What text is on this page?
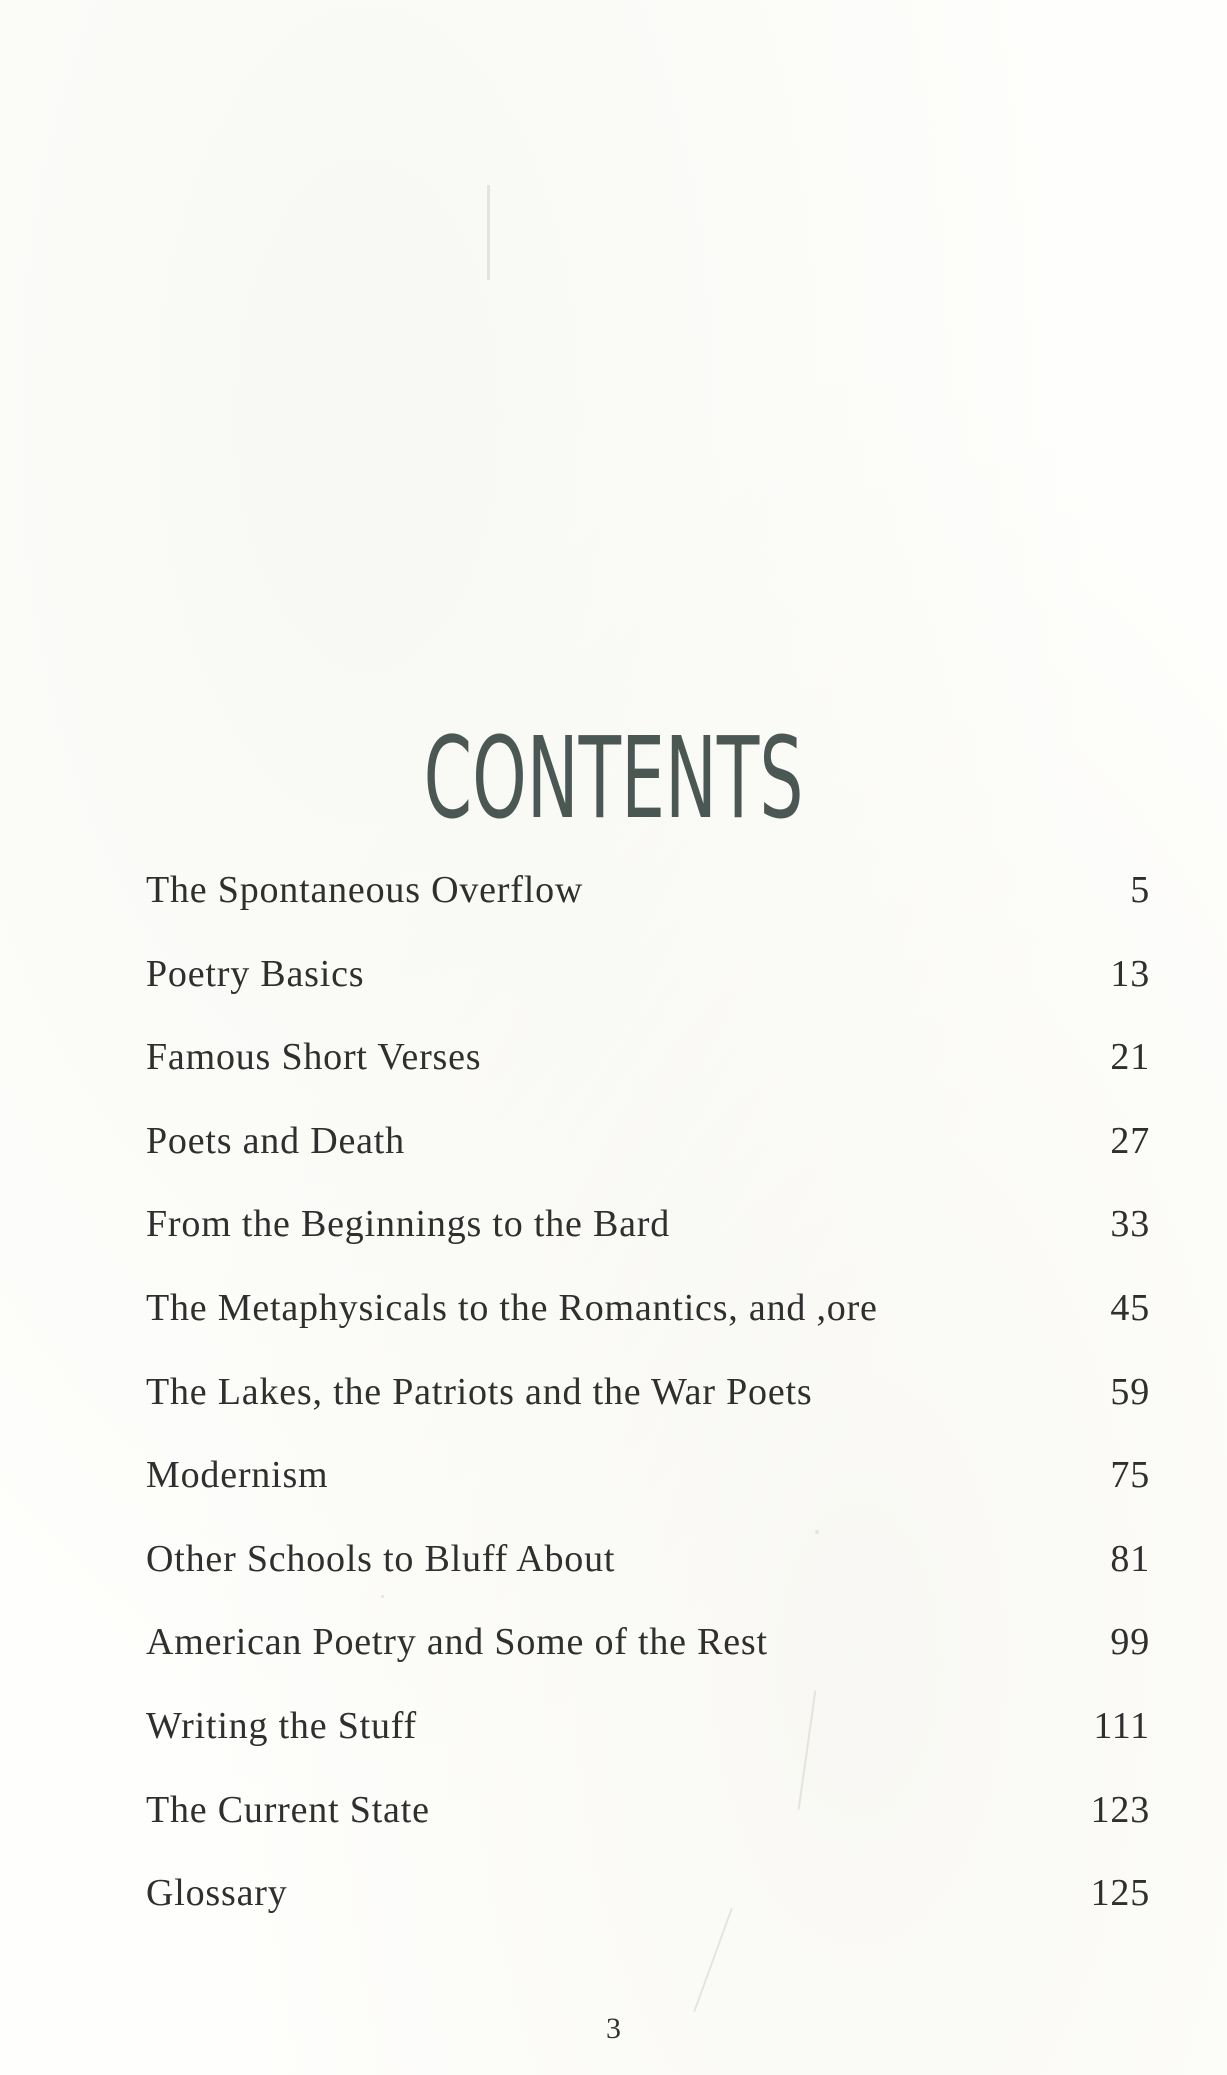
CONTENTS
The Spontaneous Overflow	5
Poetry Basics	13
Famous Short Verses	21
Poets and Death	27
From the Beginnings to the Bard	33
The Metaphysicals to the Romantics, and ,ore	45
The Lakes, the Patriots and the War Poets	59
Modernism	75
Other Schools to Bluff About	81
American Poetry and Some of the Rest	99
Writing the Stuff	111
The Current State	123
Glossary	125
3
